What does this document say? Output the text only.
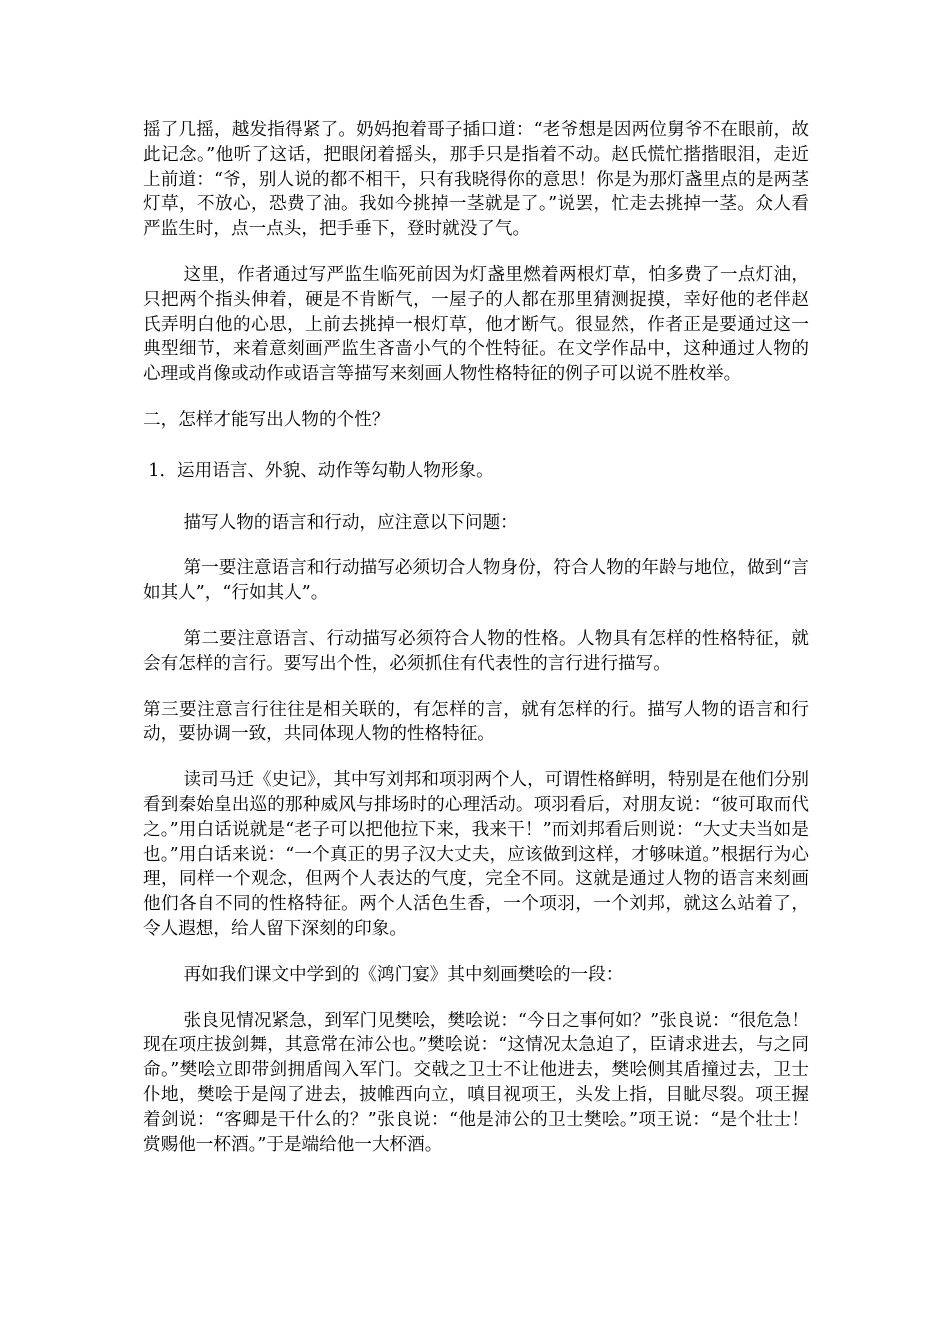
摇了几摇，越发指得紧了。奶妈抱着哥子插口道：“老爷想是因两位舅爷不在眼前，故此记念。”他听了这话，把眼闭着摇头，那手只是指着不动。赵氏慌忙揩揩眼泪，走近上前道：“爷，别人说的都不相干，只有我晓得你的意思！你是为那灯盏里点的是两茎灯草，不放心，恐费了油。我如今挑掉一茎就是了。”说罢，忙走去挑掉一茎。众人看严监生时，点一点头，把手垂下，登时就没了气。

这里，作者通过写严监生临死前因为灯盏里燃着两根灯草，怕多费了一点灯油，只把两个指头伸着，硬是不肯断气，一屋子的人都在那里猜测捉摸，幸好他的老伴赵氏弄明白他的心思，上前去挑掉一根灯草，他才断气。很显然，作者正是要通过这一典型细节，来着意刻画严监生吝啬小气的个性特征。在文学作品中，这种通过人物的心理或肖像或动作或语言等描写来刻画人物性格特征的例子可以说不胜枚举。

二，怎样才能写出人物的个性？

1．运用语言、外貌、动作等勾勒人物形象。

描写人物的语言和行动，应注意以下问题：

第一要注意语言和行动描写必须切合人物身份，符合人物的年龄与地位，做到“言如其人”，“行如其人”。

第二要注意语言、行动描写必须符合人物的性格。人物具有怎样的性格特征，就会有怎样的言行。要写出个性，必须抓住有代表性的言行进行描写。

第三要注意言行往往是相关联的，有怎样的言，就有怎样的行。描写人物的语言和行动，要协调一致，共同体现人物的性格特征。

读司马迁《史记》，其中写刘邦和项羽两个人，可谓性格鲜明，特别是在他们分别看到秦始皇出巡的那种威风与排场时的心理活动。项羽看后，对朋友说：“彼可取而代之。”用白话说就是“老子可以把他拉下来，我来干！”而刘邦看后则说：“大丈夫当如是也。”用白话来说：“一个真正的男子汉大丈夫，应该做到这样，才够味道。”根据行为心理，同样一个观念，但两个人表达的气度，完全不同。这就是通过人物的语言来刻画他们各自不同的性格特征。两个人活色生香，一个项羽，一个刘邦，就这么站着了，令人遐想，给人留下深刻的印象。

再如我们课文中学到的《鸿门宴》其中刻画樊哙的一段：

张良见情况紧急，到军门见樊哙，樊哙说：“今日之事何如？”张良说：“很危急！现在项庄拔剑舞，其意常在沛公也。”樊哙说：“这情况太急迫了，臣请求进去，与之同命。”樊哙立即带剑拥盾闯入军门。交戟之卫士不让他进去，樊哙侧其盾撞过去，卫士仆地，樊哙于是闯了进去，披帷西向立，嗔目视项王，头发上指，目眦尽裂。项王握着剑说：“客卿是干什么的？”张良说：“他是沛公的卫士樊哙。”项王说：“是个壮士！赏赐他一杯酒。”于是端给他一大杯酒。
